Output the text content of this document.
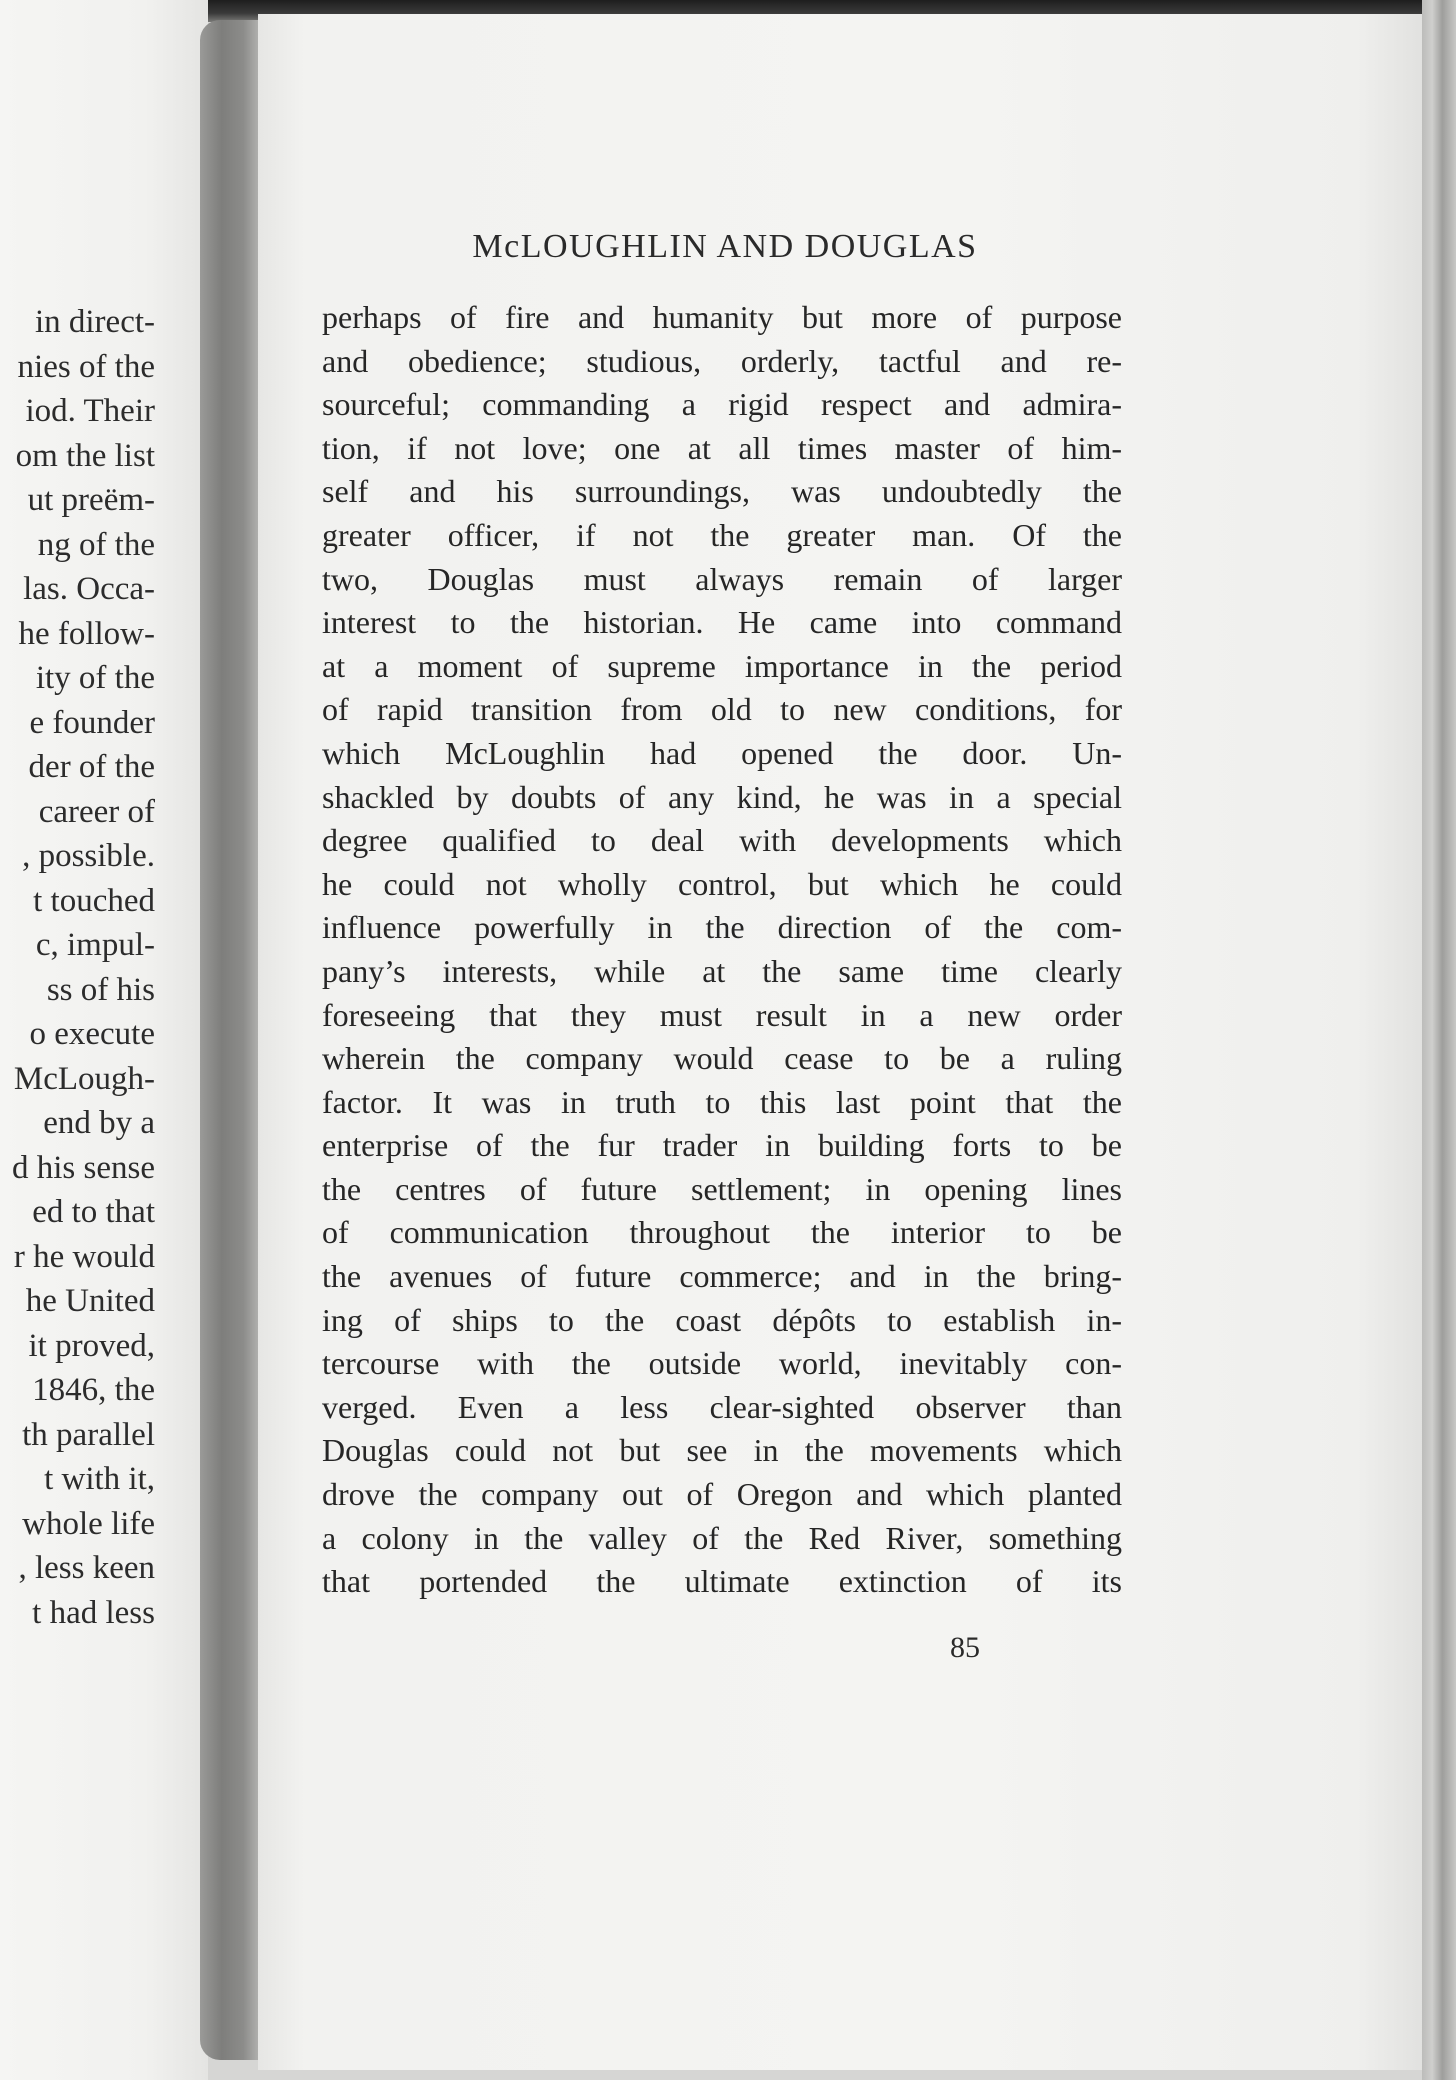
in direct-
nies of the
iod. Their
om the list
ut preëm-
ng of the
las. Occa-
he follow-
ity of the
e founder
der of the
career of
, possible.
t touched
c, impul-
ss of his
o execute
McLough-
end by a
d his sense
ed to that
r he would
he United
it proved,
1846, the
th parallel
t with it,
whole life
, less keen
t had less
McLOUGHLIN AND DOUGLAS
perhaps of fire and humanity but more of purpose
and obedience; studious, orderly, tactful and re-
sourceful; commanding a rigid respect and admira-
tion, if not love; one at all times master of him-
self and his surroundings, was undoubtedly the
greater officer, if not the greater man. Of the
two, Douglas must always remain of larger
interest to the historian. He came into command
at a moment of supreme importance in the period
of rapid transition from old to new conditions, for
which McLoughlin had opened the door. Un-
shackled by doubts of any kind, he was in a special
degree qualified to deal with developments which
he could not wholly control, but which he could
influence powerfully in the direction of the com-
pany’s interests, while at the same time clearly
foreseeing that they must result in a new order
wherein the company would cease to be a ruling
factor. It was in truth to this last point that the
enterprise of the fur trader in building forts to be
the centres of future settlement; in opening lines
of communication throughout the interior to be
the avenues of future commerce; and in the bring-
ing of ships to the coast dépôts to establish in-
tercourse with the outside world, inevitably con-
verged. Even a less clear-sighted observer than
Douglas could not but see in the movements which
drove the company out of Oregon and which planted
a colony in the valley of the Red River, something
that portended the ultimate extinction of its
85
